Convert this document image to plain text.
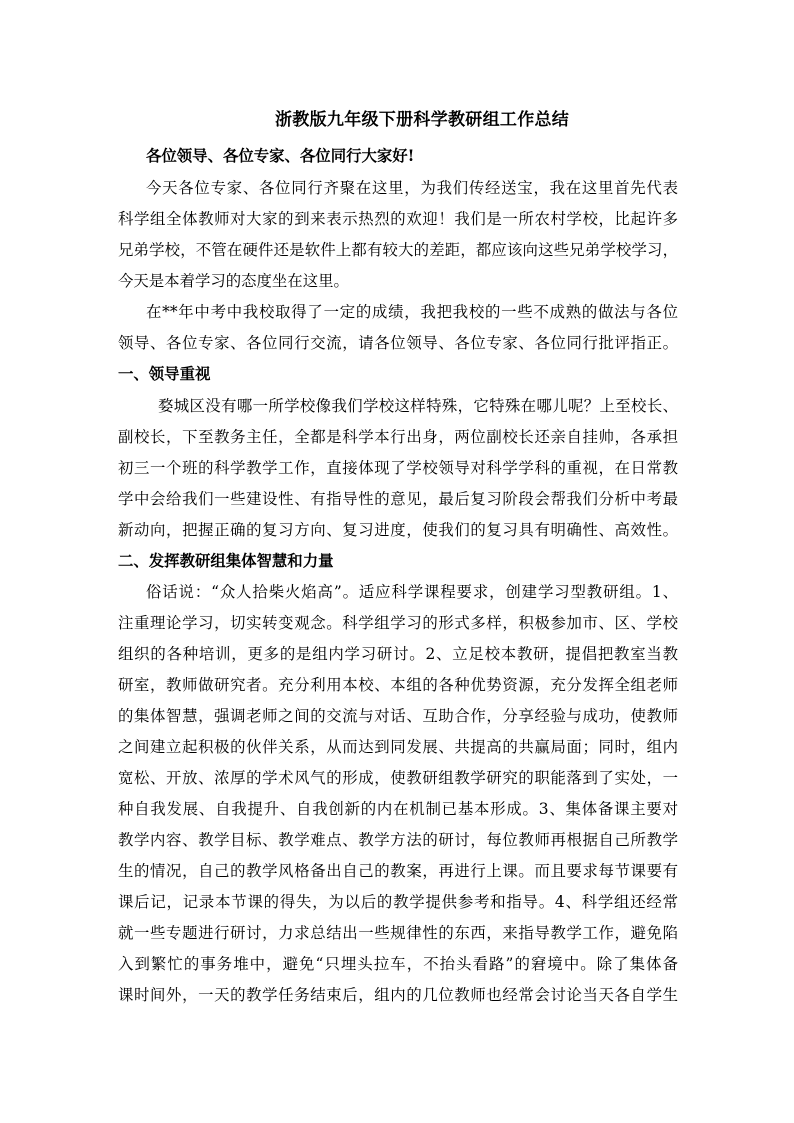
浙教版九年级下册科学教研组工作总结
各位领导、各位专家、各位同行大家好!
今天各位专家、各位同行齐聚在这里，为我们传经送宝，我在这里首先代表
科学组全体教师对大家的到来表示热烈的欢迎！我们是一所农村学校，比起许多
兄弟学校，不管在硬件还是软件上都有较大的差距，都应该向这些兄弟学校学习，
今天是本着学习的态度坐在这里。
在**年中考中我校取得了一定的成绩，我把我校的一些不成熟的做法与各位
领导、各位专家、各位同行交流，请各位领导、各位专家、各位同行批评指正。
一、领导重视
婺城区没有哪一所学校像我们学校这样特殊，它特殊在哪儿呢？上至校长、
副校长，下至教务主任，全都是科学本行出身，两位副校长还亲自挂帅，各承担
初三一个班的科学教学工作，直接体现了学校领导对科学学科的重视，在日常教
学中会给我们一些建设性、有指导性的意见，最后复习阶段会帮我们分析中考最
新动向，把握正确的复习方向、复习进度，使我们的复习具有明确性、高效性。
二、发挥教研组集体智慧和力量
俗话说：“众人拾柴火焰高”。适应科学课程要求，创建学习型教研组。1、
注重理论学习，切实转变观念。科学组学习的形式多样，积极参加市、区、学校
组织的各种培训，更多的是组内学习研讨。2、立足校本教研，提倡把教室当教
研室，教师做研究者。充分利用本校、本组的各种优势资源，充分发挥全组老师
的集体智慧，强调老师之间的交流与对话、互助合作，分享经验与成功，使教师
之间建立起积极的伙伴关系，从而达到同发展、共提高的共赢局面；同时，组内
宽松、开放、浓厚的学术风气的形成，使教研组教学研究的职能落到了实处，一
种自我发展、自我提升、自我创新的内在机制已基本形成。3、集体备课主要对
教学内容、教学目标、教学难点、教学方法的研讨，每位教师再根据自己所教学
生的情况，自己的教学风格备出自己的教案，再进行上课。而且要求每节课要有
课后记，记录本节课的得失，为以后的教学提供参考和指导。4、科学组还经常
就一些专题进行研讨，力求总结出一些规律性的东西，来指导教学工作，避免陷
入到繁忙的事务堆中，避免“只埋头拉车，不抬头看路”的窘境中。除了集体备
课时间外，一天的教学任务结束后，组内的几位教师也经常会讨论当天各自学生
